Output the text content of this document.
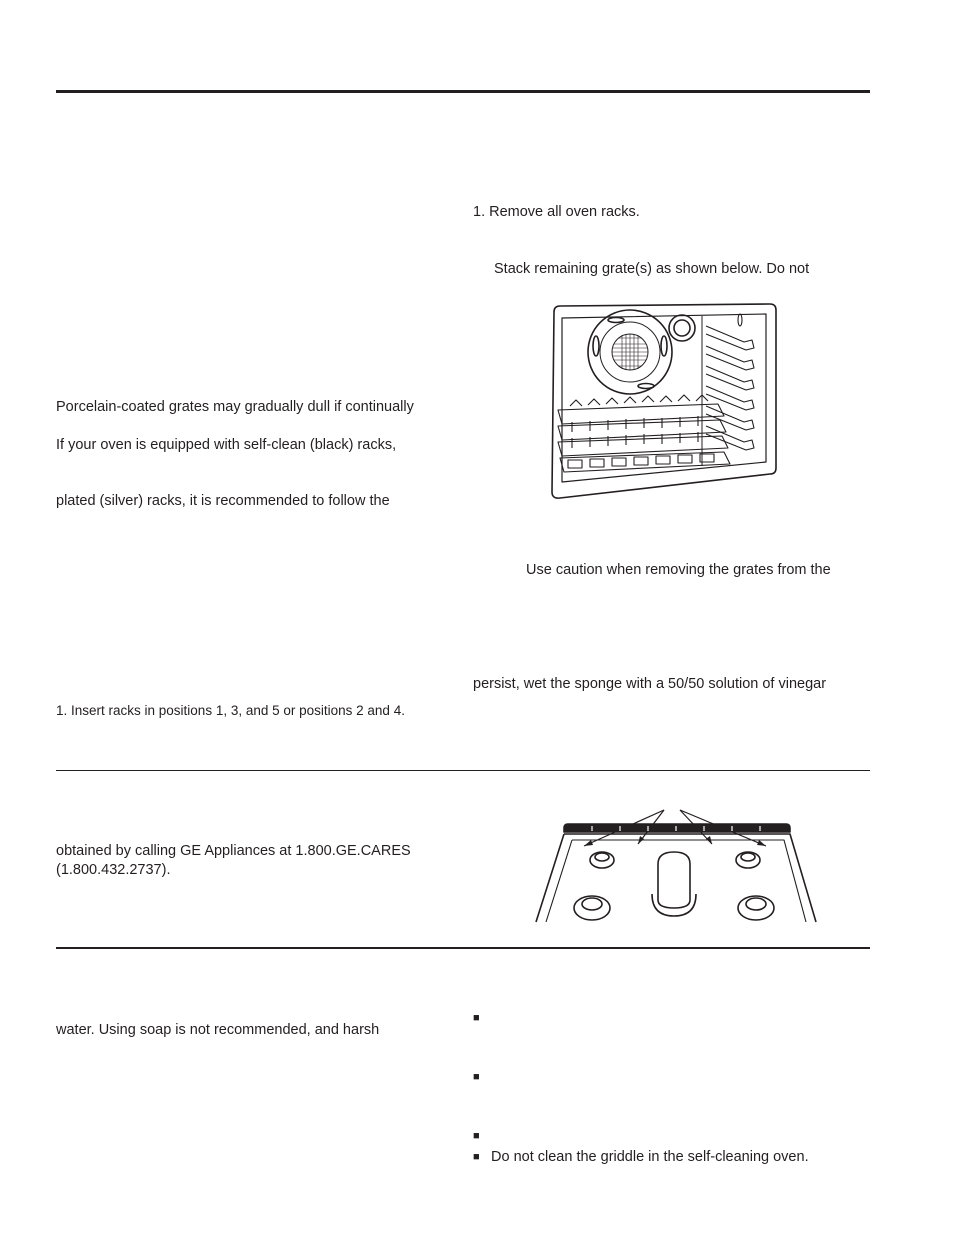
Porcelain-coated grates may gradually dull if continually
If your oven is equipped with self-clean (black) racks,
plated (silver) racks, it is recommended to follow the
1. Insert racks in positions 1, 3, and 5 or positions 2 and 4.
obtained by calling GE Appliances at 1.800.GE.CARES
(1.800.432.2737).
water. Using soap is not recommended, and harsh
1. Remove all oven racks.
Stack remaining grate(s) as shown below. Do not
Use caution when removing the grates from the
persist, wet the sponge with a 50/50 solution of vinegar
■
■
■
■ Do not clean the griddle in the self-cleaning oven.
